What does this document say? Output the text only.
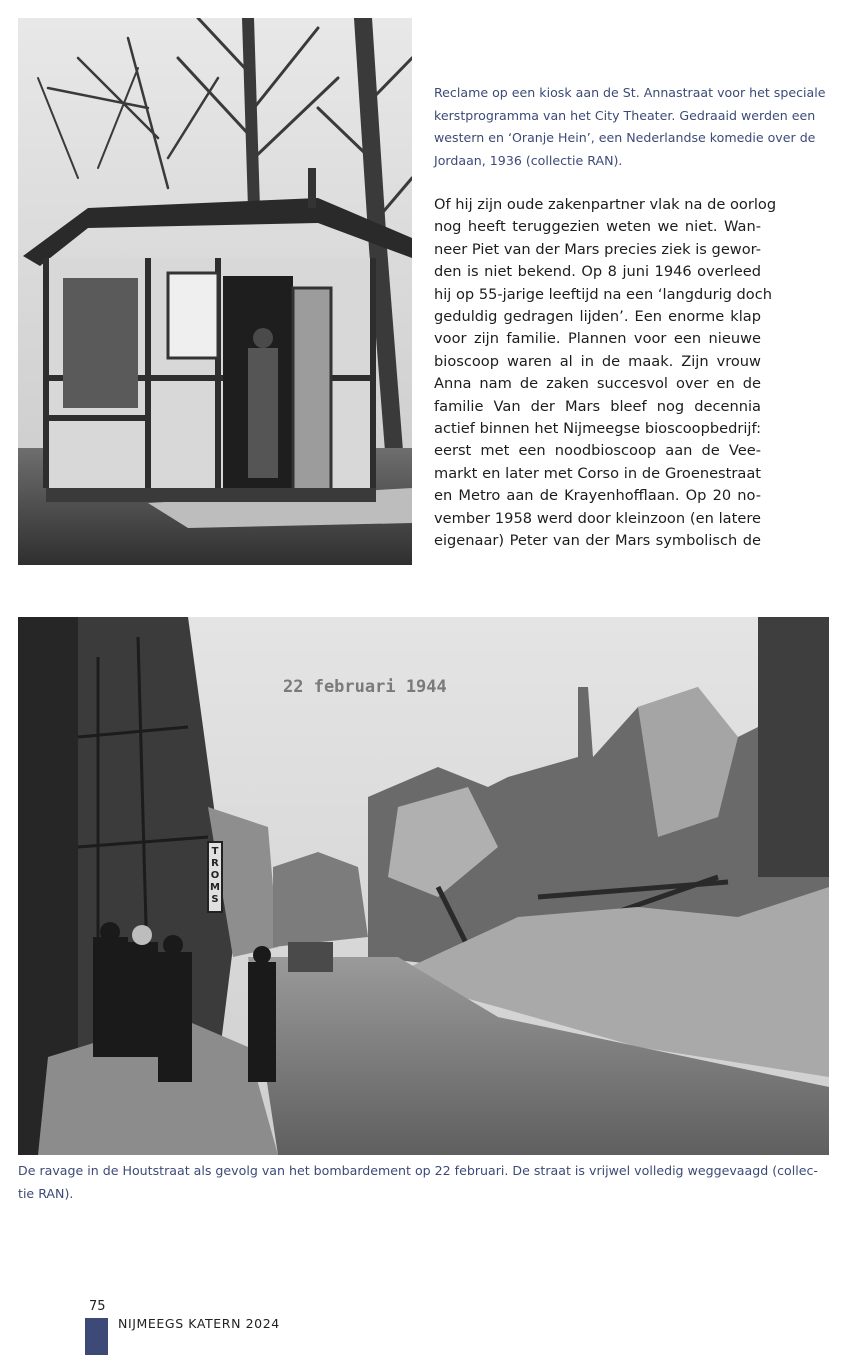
Reclame op een kiosk aan de St. Annastraat voor het speciale kerstprogramma van het City Theater. Gedraaid werden een western en ‘Oranje Hein’, een Nederlandse komedie over de Jordaan, 1936 (collectie RAN).
Of hij zijn oude zakenpartner vlak na de oorlog
nog heeft teruggezien weten we niet. Wan-
neer Piet van der Mars precies ziek is gewor-
den is niet bekend. Op 8 juni 1946 overleed
hij op 55-jarige leeftijd na een ‘langdurig doch
geduldig gedragen lijden’. Een enorme klap
voor zijn familie. Plannen voor een nieuwe
bioscoop waren al in de maak. Zijn vrouw
Anna nam de zaken succesvol over en de
familie Van der Mars bleef nog decennia
actief binnen het Nijmeegse bioscoopbedrijf:
eerst met een noodbioscoop aan de Vee-
markt en later met Corso in de Groenestraat
en Metro aan de Krayenhofflaan. Op 20 no-
vember 1958 werd door kleinzoon (en latere
eigenaar) Peter van der Mars symbolisch de
T R O M S
22 februari 1944
De ravage in de Houtstraat als gevolg van het bombardement op 22 februari. De straat is vrijwel volledig weggevaagd (collec-tie RAN).
75
NIJMEEGS KATERN 2024
